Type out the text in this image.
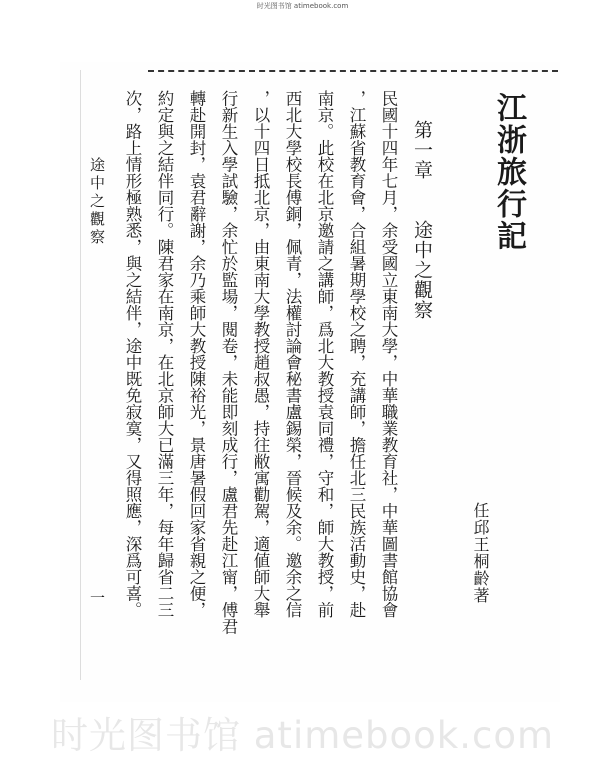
时光图书馆 atimebook.com
江浙旅行記
任邱王桐齡著
第一章
途中之觀察
民國十四年七月，余受國立東南大學，中華職業教育社，中華圖書館協會
，江蘇省教育會，合組暑期學校之聘，充講師，擔任北三民族活動史，赴
南京。此校在北京邀請之講師，爲北大教授袁同禮，守和，師大教授，前
西北大學校長傅銅，佩青，法權討論會秘書盧錫榮，晉候及余。邀余之信
，以十四日抵北京，由東南大學教授趙叔愚，持往敝寓勸駕，適値師大舉
行新生入學試驗，余忙於監場，閱卷，未能即刻成行，盧君先赴江甯，傅君
轉赴開封，袁君辭謝，余乃乘師大教授陳裕光，景唐暑假回家省親之便，
約定與之結伴同行。陳君家在南京，在北京師大已滿三年，每年歸省二三
次，路上情形極熟悉，與之結伴，途中既免寂寞，又得照應，深爲可喜。
途中之觀察
一
时光图书馆 atimebook.com
